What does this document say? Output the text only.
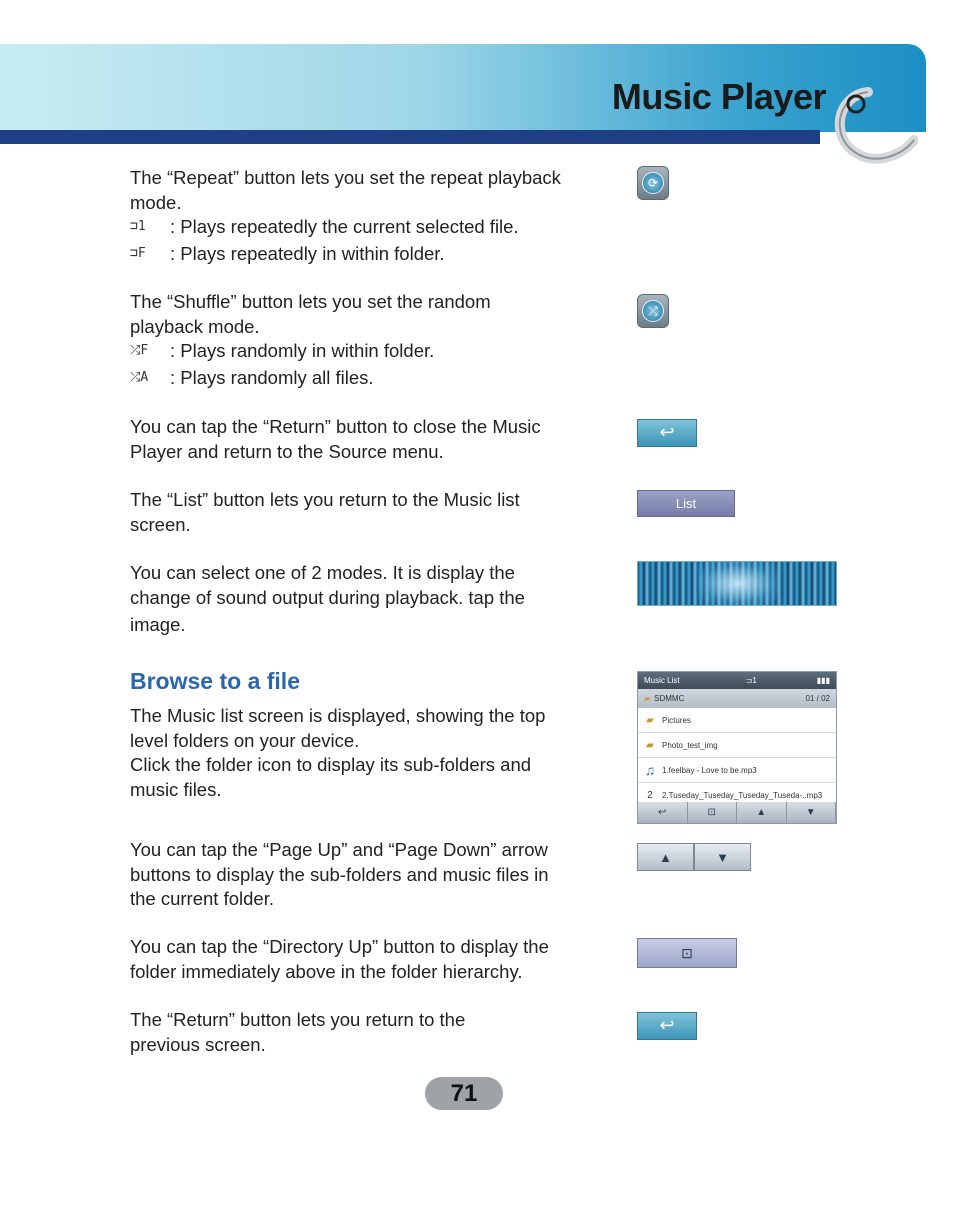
Music Player
The “Repeat” button lets you set the repeat playback
mode.
⊐1	: Plays repeatedly the current selected file.
⊐F	: Plays repeatedly in within folder.
⟳
The “Shuffle” button lets you set the random
playback mode.
⤮F	: Plays randomly in within folder.
⤮A	: Plays randomly all files.
⤮
You can tap the “Return” button to close the Music
Player and return to the Source menu.
↩
The “List” button lets you return to the Music list
screen.
List
You can select one of 2 modes. It is display the
change of sound output during playback. tap the
image.
Browse to a file
The Music list screen is displayed, showing the top
level folders on your device.
Click the folder icon to display its sub-folders and
music files.
Music List	⊐1	▮▮▮
▰ SDMMC	01 / 02
▰	Pictures
▰	Photo_test_img
♫ 1.feelbay - Love to be.mp3
2	2.Tuseday_Tuseday_Tuseday_Tuseda-..mp3
↩	⊡	▲	▼
You can tap the “Page Up” and “Page Down” arrow
buttons to display the sub-folders and music files in
the current folder.
▲	▼
You can tap the “Directory Up” button to display the
folder immediately above in the folder hierarchy.
⊡
The “Return” button lets you return to the
previous screen.
↩
71
